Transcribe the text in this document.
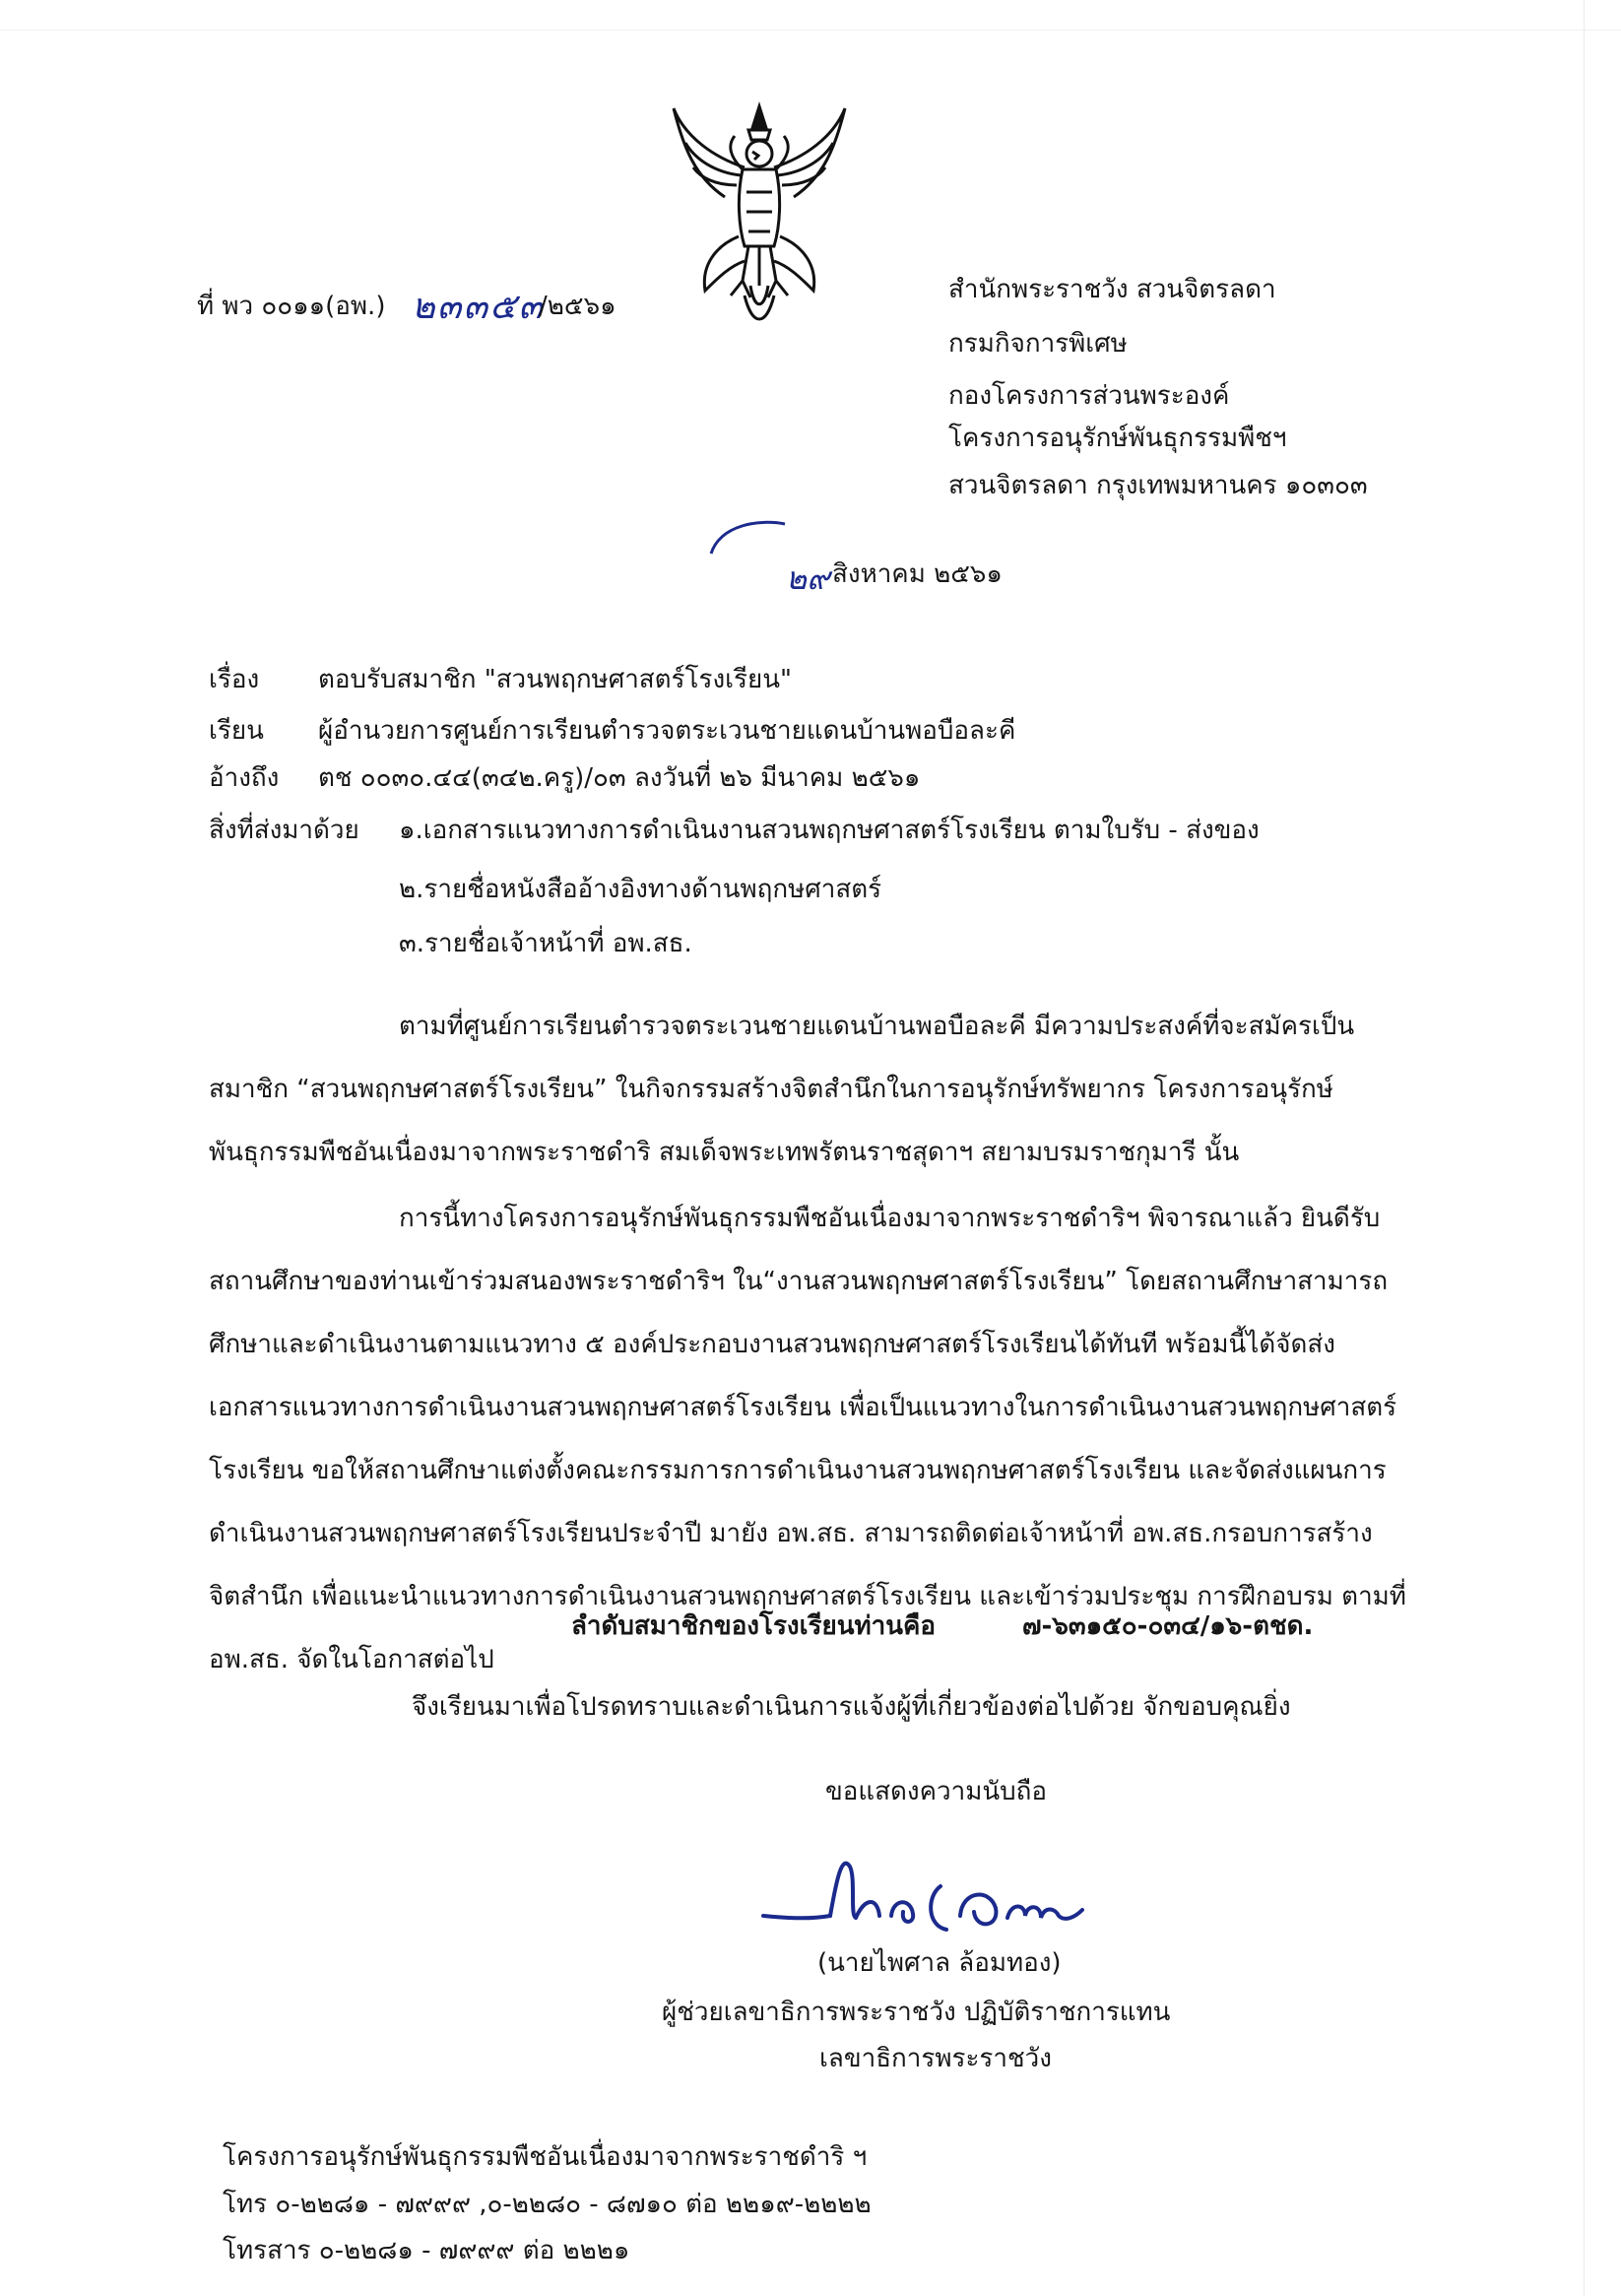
ที่ พว ๐๐๑๑(อพ.) ๒๓๓๕๓
/๒๕๖๑
สำนักพระราชวัง สวนจิตรลดา
กรมกิจการพิเศษ
กองโครงการส่วนพระองค์
โครงการอนุรักษ์พันธุกรรมพืชฯ
สวนจิตรลดา กรุงเทพมหานคร ๑๐๓๐๓
๒๙ สิงหาคม ๒๕๖๑
เรื่อง ตอบรับสมาชิก "สวนพฤกษศาสตร์โรงเรียน"
เรียน ผู้อำนวยการศูนย์การเรียนตำรวจตระเวนชายแดนบ้านพอบือละคี
อ้างถึง ตช ๐๐๓๐.๔๔(๓๔๒.ครู)/๐๓ ลงวันที่ ๒๖ มีนาคม ๒๕๖๑
สิ่งที่ส่งมาด้วย ๑.เอกสารแนวทางการดำเนินงานสวนพฤกษศาสตร์โรงเรียน ตามใบรับ - ส่งของ
๒.รายชื่อหนังสืออ้างอิงทางด้านพฤกษศาสตร์
๓.รายชื่อเจ้าหน้าที่ อพ.สธ.
ตามที่ศูนย์การเรียนตำรวจตระเวนชายแดนบ้านพอบือละคี มีความประสงค์ที่จะสมัครเป็น
สมาชิก “สวนพฤกษศาสตร์โรงเรียน” ในกิจกรรมสร้างจิตสำนึกในการอนุรักษ์ทรัพยากร โครงการอนุรักษ์
พันธุกรรมพืชอันเนื่องมาจากพระราชดำริ สมเด็จพระเทพรัตนราชสุดาฯ สยามบรมราชกุมารี นั้น
การนี้ทางโครงการอนุรักษ์พันธุกรรมพืชอันเนื่องมาจากพระราชดำริฯ พิจารณาแล้ว ยินดีรับ
สถานศึกษาของท่านเข้าร่วมสนองพระราชดำริฯ ใน“งานสวนพฤกษศาสตร์โรงเรียน” โดยสถานศึกษาสามารถ
ศึกษาและดำเนินงานตามแนวทาง ๕ องค์ประกอบงานสวนพฤกษศาสตร์โรงเรียนได้ทันที พร้อมนี้ได้จัดส่ง
เอกสารแนวทางการดำเนินงานสวนพฤกษศาสตร์โรงเรียน เพื่อเป็นแนวทางในการดำเนินงานสวนพฤกษศาสตร์
โรงเรียน ขอให้สถานศึกษาแต่งตั้งคณะกรรมการการดำเนินงานสวนพฤกษศาสตร์โรงเรียน และจัดส่งแผนการ
ดำเนินงานสวนพฤกษศาสตร์โรงเรียนประจำปี มายัง อพ.สธ. สามารถติดต่อเจ้าหน้าที่ อพ.สธ.กรอบการสร้าง
จิตสำนึก เพื่อแนะนำแนวทางการดำเนินงานสวนพฤกษศาสตร์โรงเรียน และเข้าร่วมประชุม การฝึกอบรม ตามที่
อพ.สธ. จัดในโอกาสต่อไป
ลำดับสมาชิกของโรงเรียนท่านคือ	๗-๖๓๑๕๐-๐๓๔/๑๖-ตชด.
จึงเรียนมาเพื่อโปรดทราบและดำเนินการแจ้งผู้ที่เกี่ยวข้องต่อไปด้วย จักขอบคุณยิ่ง
ขอแสดงความนับถือ
(นายไพศาล ล้อมทอง)
ผู้ช่วยเลขาธิการพระราชวัง ปฏิบัติราชการแทน
เลขาธิการพระราชวัง
โครงการอนุรักษ์พันธุกรรมพืชอันเนื่องมาจากพระราชดำริ ฯ
โทร ๐-๒๒๘๑ - ๗๙๙๙ ,๐-๒๒๘๐ - ๘๗๑๐ ต่อ ๒๒๑๙-๒๒๒๒
โทรสาร ๐-๒๒๘๑ - ๗๙๙๙ ต่อ ๒๒๒๑
